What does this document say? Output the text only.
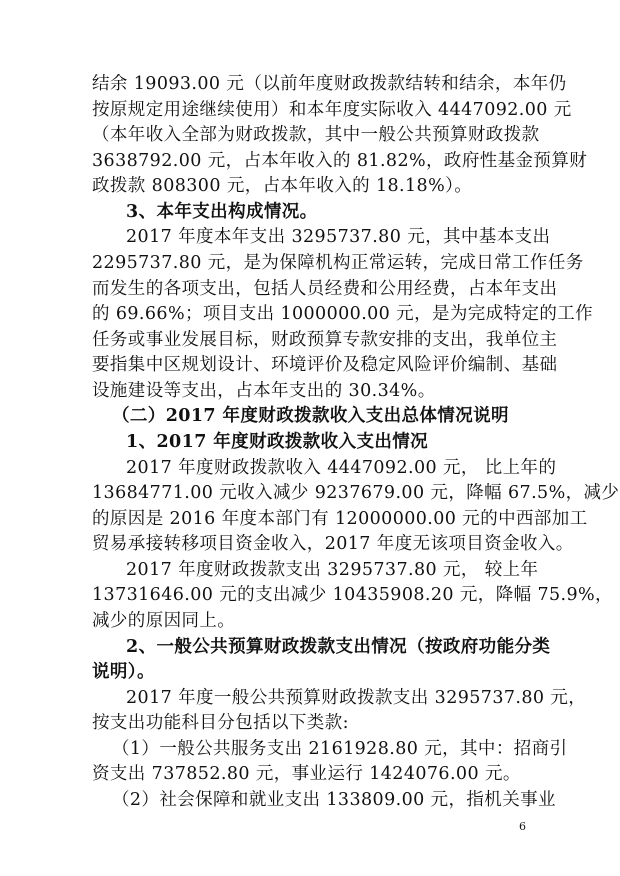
结余 19093.00 元（以前年度财政拨款结转和结余，本年仍
按原规定用途继续使用）和本年度实际收入 4447092.00 元
（本年收入全部为财政拨款，其中一般公共预算财政拨款
3638792.00 元，占本年收入的 81.82%，政府性基金预算财
政拨款 808300 元，占本年收入的 18.18%）。
3、本年支出构成情况。
2017 年度本年支出 3295737.80 元，其中基本支出
2295737.80 元，是为保障机构正常运转，完成日常工作任务
而发生的各项支出，包括人员经费和公用经费，占本年支出
的 69.66%；项目支出 1000000.00 元，是为完成特定的工作
任务或事业发展目标，财政预算专款安排的支出，我单位主
要指集中区规划设计、环境评价及稳定风险评价编制、基础
设施建设等支出，占本年支出的 30.34%。
（二）2017 年度财政拨款收入支出总体情况说明
1、2017 年度财政拨款收入支出情况
2017 年度财政拨款收入 4447092.00 元， 比上年的
13684771.00 元收入减少 9237679.00 元，降幅 67.5%，减少
的原因是 2016 年度本部门有 12000000.00 元的中西部加工
贸易承接转移项目资金收入，2017 年度无该项目资金收入。
2017 年度财政拨款支出 3295737.80 元， 较上年
13731646.00 元的支出减少 10435908.20 元，降幅 75.9%，
减少的原因同上。
2、一般公共预算财政拨款支出情况（按政府功能分类
说明）。
2017 年度一般公共预算财政拨款支出 3295737.80 元，
按支出功能科目分包括以下类款:
（1）一般公共服务支出 2161928.80 元，其中：招商引
资支出 737852.80 元，事业运行 1424076.00 元。
（2）社会保障和就业支出 133809.00 元，指机关事业
6
